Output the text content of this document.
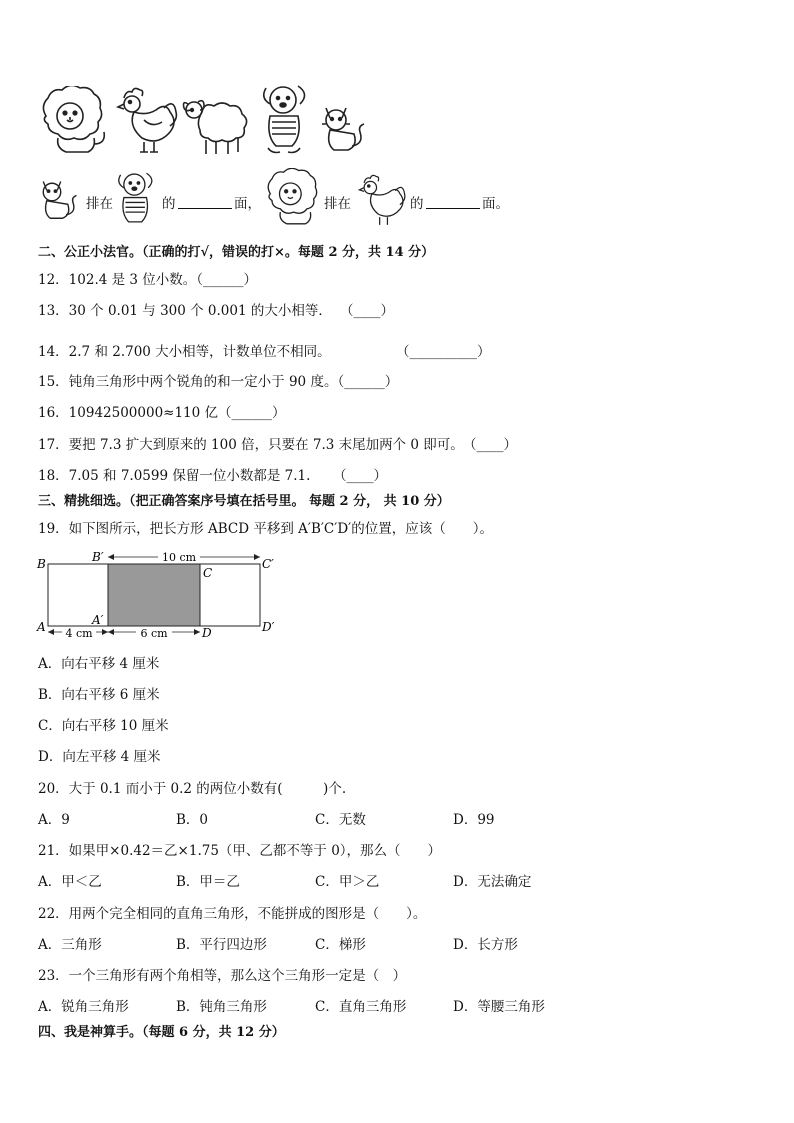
排在	的	面，	排在	的	面。
二、公正小法官。（正确的打√，错误的打×。每题 2 分，共 14 分）
12．102.4 是 3 位小数。（______）
13．30 个 0.01 与 300 个 0.001 的大小相等． （____）
14．2.7 和 2.700 大小相等，计数单位不相同。	（__________）
15．钝角三角形中两个锐角的和一定小于 90 度。（______）
16．10942500000≈110 亿（______）
17．要把 7.3 扩大到原来的 100 倍，只要在 7.3 末尾加两个 0 即可。 （____）
18．7.05 和 7.0599 保留一位小数都是 7.1. （____）
三、精挑细选。（把正确答案序号填在括号里。 每题 2 分， 共 10 分）
19．如下图所示，把长方形 ABCD 平移到 A′B′C′D′的位置，应该（　　）。
10 cm
4 cm	6 cm
B	B′
C
C′
A	A′
D	D′
A．向右平移 4 厘米
B．向右平移 6 厘米
C．向右平移 10 厘米
D．向左平移 4 厘米
20．大于 0.1 而小于 0.2 的两位小数有(　　　)个.
A．9	B．0	C．无数	D．99
21．如果甲×0.42＝乙×1.75（甲、乙都不等于 0），那么（　　）
A．甲＜乙	B．甲＝乙	C．甲＞乙	D．无法确定
22．用两个完全相同的直角三角形，不能拼成的图形是（　　）。
A．三角形	B．平行四边形	C．梯形	D．长方形
23．一个三角形有两个角相等，那么这个三角形一定是（　）
A．锐角三角形	B．钝角三角形	C．直角三角形	D．等腰三角形
四、我是神算手。（每题 6 分，共 12 分）
